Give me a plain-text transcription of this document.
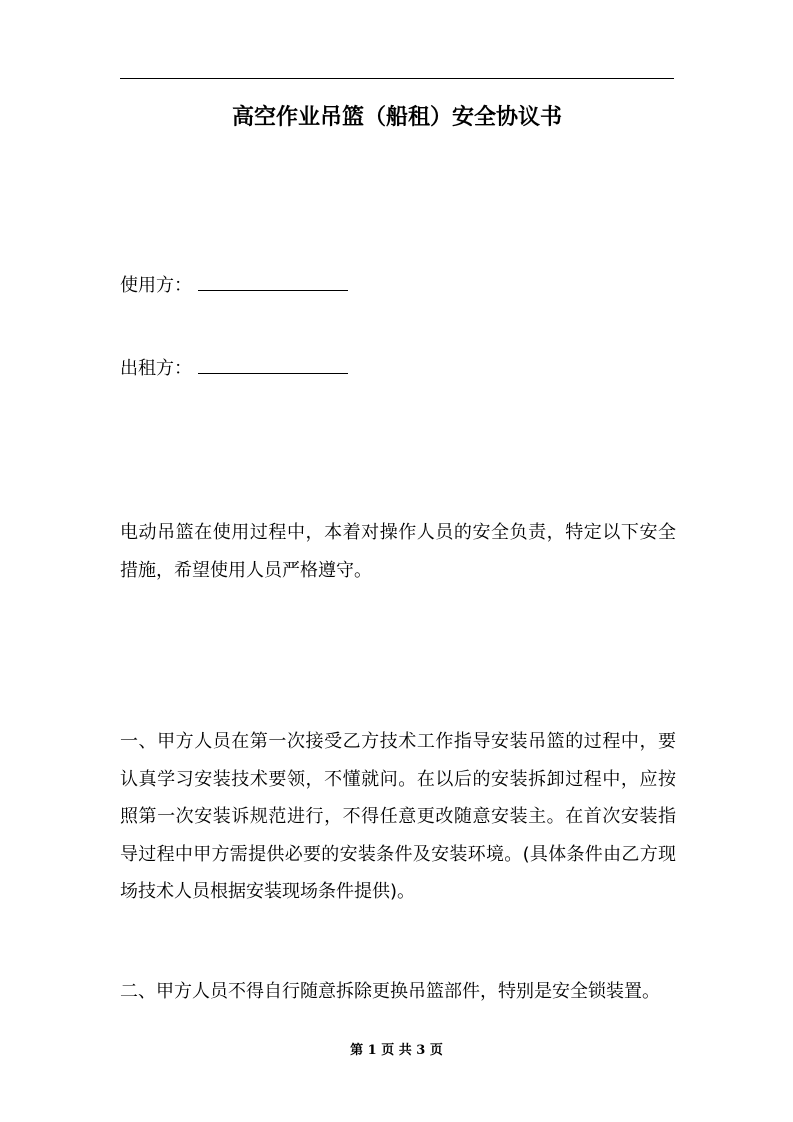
高空作业吊篮（船租）安全协议书
使用方：
出租方：

电动吊篮在使用过程中，本着对操作人员的安全负责，特定以下安全措施，希望使用人员严格遵守。

一、甲方人员在第一次接受乙方技术工作指导安装吊篮的过程中，要认真学习安装技术要领，不懂就问。在以后的安装拆卸过程中，应按照第一次安装诉规范进行，不得任意更改随意安装主。在首次安装指导过程中甲方需提供必要的安装条件及安装环境。(具体条件由乙方现场技术人员根据安装现场条件提供)。

二、甲方人员不得自行随意拆除更换吊篮部件，特别是安全锁装置。

第 1 页 共 3 页
